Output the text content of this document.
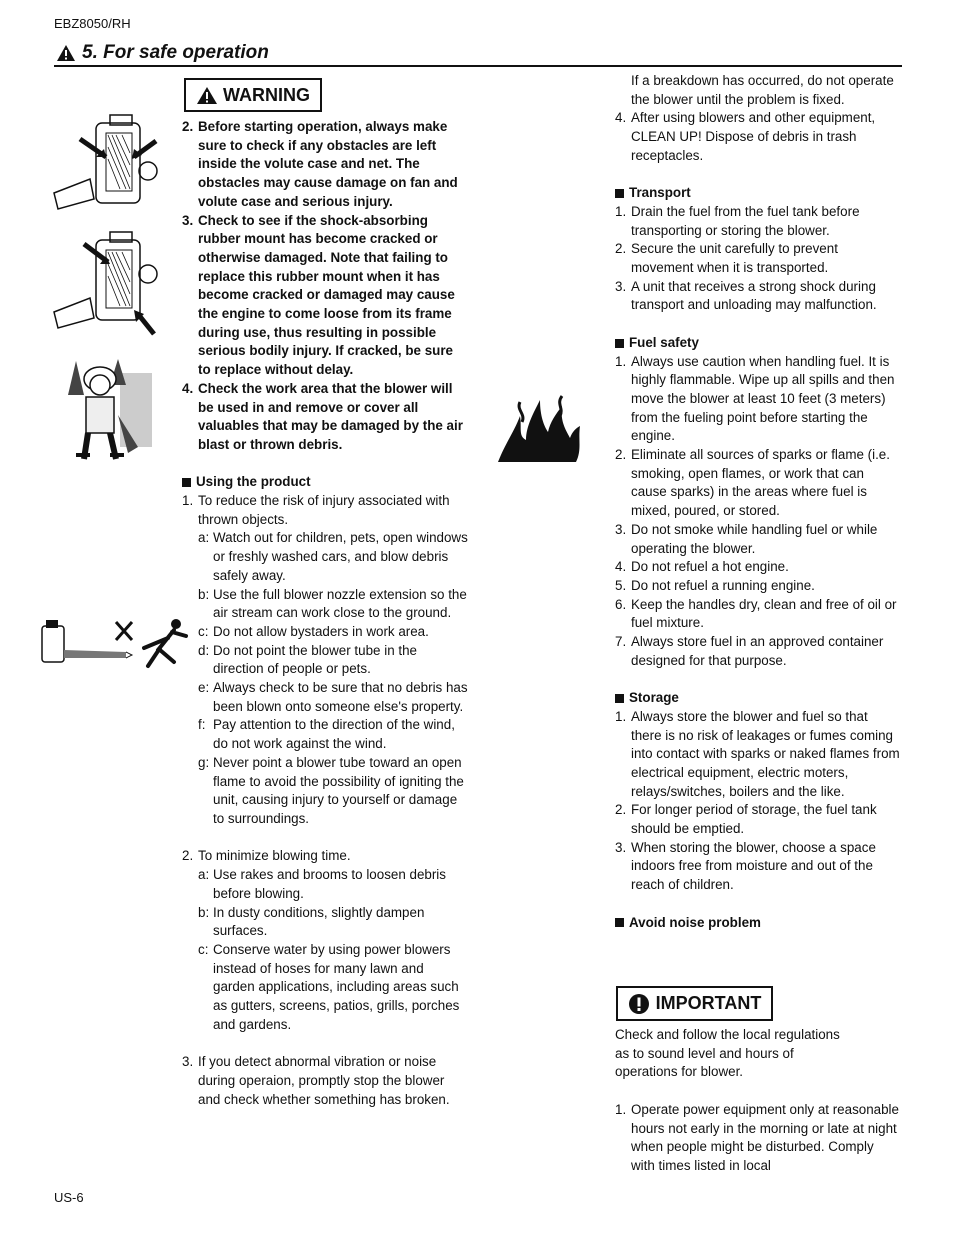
EBZ8050/RH
5. For safe operation
WARNING
2. Before starting operation, always make sure to check if any obstacles are left inside the volute case and net. The obstacles may cause damage on fan and volute case and serious injury.
3. Check to see if the shock-absorbing rubber mount has become cracked or otherwise damaged. Note that failing to replace this rubber mount when it has become cracked or damaged may cause the engine to come loose from its frame during use, thus resulting in possible serious bodily injury. If cracked, be sure to replace without delay.
4. Check the work area that the blower will be used in and remove or cover all valuables that may be damaged by the air blast or thrown debris.
Using the product
1. To reduce the risk of injury associated with thrown objects.
a: Watch out for children, pets, open windows or freshly washed cars, and blow debris safely away.
b: Use the full blower nozzle extension so the air stream can work close to the ground.
c: Do not allow bystaders in work area.
d: Do not point the blower tube in the direction of people or pets.
e: Always check to be sure that no debris has been blown onto someone else's property.
f: Pay attention to the direction of the wind, do not work against the wind.
g: Never point a blower tube toward an open flame to avoid the possibility of igniting the unit, causing injury to yourself or damage to surroundings.
2. To minimize blowing time.
a: Use rakes and brooms to loosen debris before blowing.
b: In dusty conditions, slightly dampen surfaces.
c: Conserve water by using power blowers instead of hoses for many lawn and garden applications, including areas such as gutters, screens, patios, grills, porches and gardens.
3. If you detect abnormal vibration or noise during operaion, promptly stop the blower and check whether something has broken.
If a breakdown has occurred, do not operate the blower until the problem is fixed.
4. After using blowers and other equipment, CLEAN UP! Dispose of debris in trash receptacles.
Transport
1. Drain the fuel from the fuel tank before transporting or storing the blower.
2. Secure the unit carefully to prevent movement when it is transported.
3. A unit that receives a strong shock during transport and unloading may malfunction.
Fuel safety
1. Always use caution when handling fuel. It is highly flammable. Wipe up all spills and then move the blower at least 10 feet (3 meters) from the fueling point before starting the engine.
2. Eliminate all sources of sparks or flame (i.e. smoking, open flames, or work that can cause sparks) in the areas where fuel is mixed, poured, or stored.
3. Do not smoke while handling fuel or while operating the blower.
4. Do not refuel a hot engine.
5. Do not refuel a running engine.
6. Keep the handles dry, clean and free of oil or fuel mixture.
7. Always store fuel in an approved container designed for that purpose.
Storage
1. Always store the blower and fuel so that there is no risk of leakages or fumes coming into contact with sparks or naked flames from electrical equipment, electric moters, relays/switches, boilers and the like.
2. For longer period of storage, the fuel tank should be emptied.
3. When storing the blower, choose a space indoors free from moisture and out of the reach of children.
Avoid noise problem
IMPORTANT
Check and follow the local regulations as to sound level and hours of operations for blower.
1. Operate power equipment only at reasonable hours not early in the morning or late at night when people might be disturbed. Comply with times listed in local
US-6
